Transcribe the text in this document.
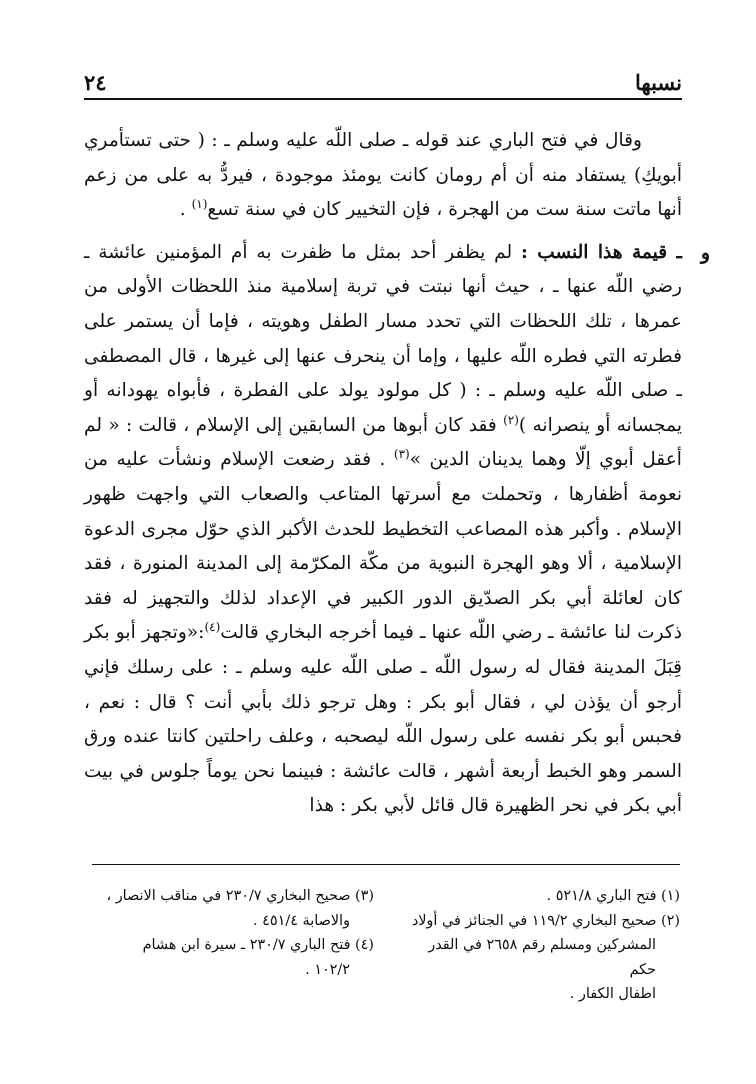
نسبها
٢٤

وقال في فتح الباري عند قوله ـ صلى اللّه عليه وسلم ـ : ( حتى تستأمري أبويكِ) يستفاد منه أن أم رومان كانت يومئذ موجودة ، فيردُّ به على من زعم أنها ماتت سنة ست من الهجرة ، فإن التخيير كان في سنة تسع$^{(١)}$ .

و

ـ قيمة هذا النسب : لم يظفر أحد بمثل ما ظفرت به أم المؤمنين عائشة ـ رضي اللّه عنها ـ ، حيث أنها نبتت في تربة إسلامية منذ اللحظات الأولى من عمرها ، تلك اللحظات التي تحدد مسار الطفل وهويته ، فإما أن يستمر على فطرته التي فطره اللّه عليها ، وإما أن ينحرف عنها إلى غيرها ، قال المصطفى ـ صلى اللّه عليه وسلم ـ : ( كل مولود يولد على الفطرة ، فأبواه يهودانه أو يمجسانه أو ينصرانه )$^{(٢)}$ فقد كان أبوها من السابقين إلى الإسلام ، قالت : « لم أعقل أبوي إلّا وهما يدينان الدين »$^{(٣)}$ . فقد رضعت الإسلام ونشأت عليه من نعومة أظفارها ، وتحملت مع أسرتها المتاعب والصعاب التي واجهت ظهور الإسلام . وأكبر هذه المصاعب التخطيط للحدث الأكبر الذي حوّل مجرى الدعوة الإسلامية ، ألا وهو الهجرة النبوية من مكّة المكرّمة إلى المدينة المنورة ، فقد كان لعائلة أبي بكر الصدّيق الدور الكبير في الإعداد لذلك والتجهيز له فقد ذكرت لنا عائشة ـ رضي اللّه عنها ـ فيما أخرجه البخاري قالت$^{(٤)}$:«وتجهز أبو بكر قِبَلَ المدينة فقال له رسول اللّه ـ صلى اللّه عليه وسلم ـ : على رسلك فإني أرجو أن يؤذن لي ، فقال أبو بكر : وهل ترجو ذلك بأبي أنت ؟ قال : نعم ، فحبس أبو بكر نفسه على رسول اللّه ليصحبه ، وعلف راحلتين كانتا عنده ورق السمر وهو الخبط أربعة أشهر ، قالت عائشة : فبينما نحن يوماً جلوس في بيت أبي بكر في نحر الظهيرة قال قائل لأبي بكر : هذا

(١) فتح الباري ٥٢١/٨ .

(٢) صحيح البخاري ١١٩/٢ في الجنائز في أولاد

المشركين ومسلم رقم ٢٦٥٨ في القدر حكم

اطفال الكفار .

(٣) صحيح البخاري ٢٣٠/٧ في مناقب الانصار ،

والاصابة ٤٥١/٤ .

(٤) فتح الباري ٢٣٠/٧ ـ سيرة ابن هشام

١٠٢/٢ .
